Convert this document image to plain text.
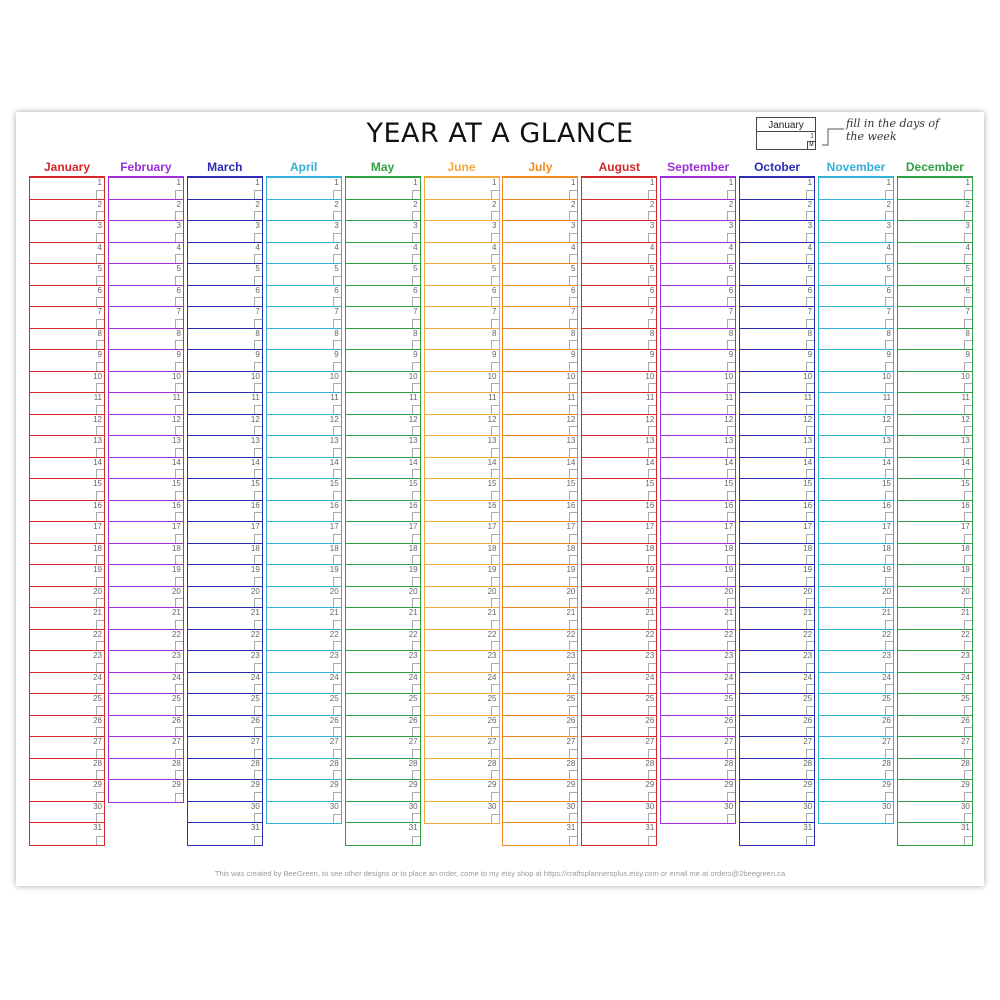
YEAR AT A GLANCE	January
1
M
fill in the days of
the week
January
1
2
3
4
5
6
7
8
9
10
11
12
13
14
15
16
17
18
19
20
21
22
23
24
25
26
27
28
29
30
31
February
1
2
3
4
5
6
7
8
9
10
11
12
13
14
15
16
17
18
19
20
21
22
23
24
25
26
27
28
29
March
1
2
3
4
5
6
7
8
9
10
11
12
13
14
15
16
17
18
19
20
21
22
23
24
25
26
27
28
29
30
31
April
1
2
3
4
5
6
7
8
9
10
11
12
13
14
15
16
17
18
19
20
21
22
23
24
25
26
27
28
29
30
May
1
2
3
4
5
6
7
8
9
10
11
12
13
14
15
16
17
18
19
20
21
22
23
24
25
26
27
28
29
30
31
June
1
2
3
4
5
6
7
8
9
10
11
12
13
14
15
16
17
18
19
20
21
22
23
24
25
26
27
28
29
30
July
1
2
3
4
5
6
7
8
9
10
11
12
13
14
15
16
17
18
19
20
21
22
23
24
25
26
27
28
29
30
31
August
1
2
3
4
5
6
7
8
9
10
11
12
13
14
15
16
17
18
19
20
21
22
23
24
25
26
27
28
29
30
31
September
1
2
3
4
5
6
7
8
9
10
11
12
13
14
15
16
17
18
19
20
21
22
23
24
25
26
27
28
29
30
October
1
2
3
4
5
6
7
8
9
10
11
12
13
14
15
16
17
18
19
20
21
22
23
24
25
26
27
28
29
30
31
November
1
2
3
4
5
6
7
8
9
10
11
12
13
14
15
16
17
18
19
20
21
22
23
24
25
26
27
28
29
30
December
1
2
3
4
5
6
7
8
9
10
11
12
13
14
15
16
17
18
19
20
21
22
23
24
25
26
27
28
29
30
31
This was created by BeeGreen, to see other designs or to place an order, come to my etsy shop at https://craftsplannersplus.etsy.com or email me at orders@2beegreen.ca
